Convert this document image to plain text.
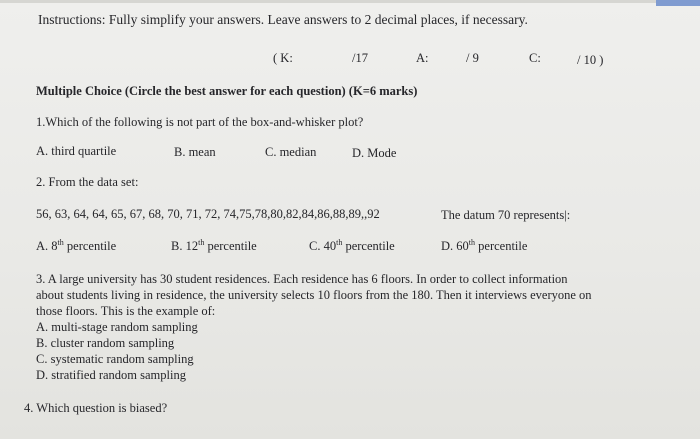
Instructions: Fully simplify your answers. Leave answers to 2 decimal places, if necessary.
( K:	/17	A:	/ 9	C:	/ 10 )
Multiple Choice (Circle the best answer for each question) (K=6 marks)
1.Which of the following is not part of the box-and-whisker plot?
A. third quartile	B. mean	C. median	D. Mode
2. From the data set:
56, 63, 64, 64, 65, 67, 68, 70, 71, 72, 74,75,78,80,82,84,86,88,89,,92	The datum 70 represents|:
A. 8th percentile	B. 12th percentile	C. 40th percentile	D. 60th percentile
3. A large university has 30 student residences. Each residence has 6 floors. In order to collect information
about students living in residence, the university selects 10 floors from the 180. Then it interviews everyone on
those floors. This is the example of:
A. multi-stage random sampling
B. cluster random sampling
C. systematic random sampling
D. stratified random sampling
4. Which question is biased?
